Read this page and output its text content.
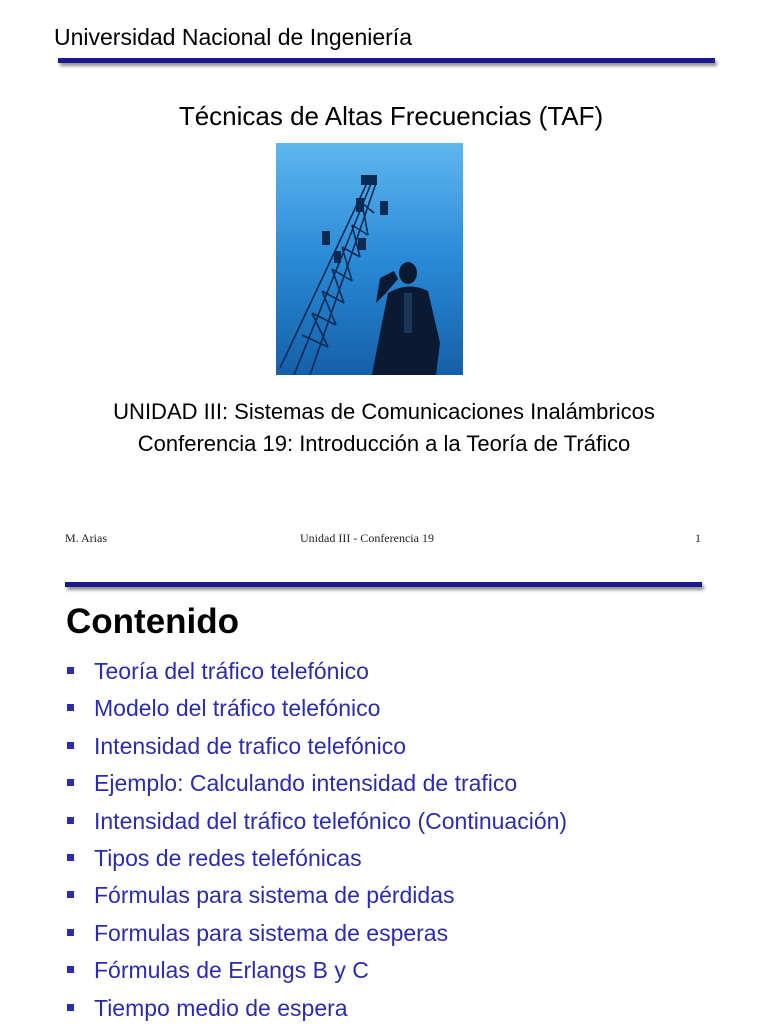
Universidad Nacional de Ingeniería
Técnicas de Altas Frecuencias (TAF)
UNIDAD III: Sistemas de Comunicaciones Inalámbricos
Conferencia 19: Introducción a la Teoría de Tráfico
M. Arias	Unidad III - Conferencia 19	1
Contenido
Teoría del tráfico telefónico
Modelo del tráfico telefónico
Intensidad de trafico telefónico
Ejemplo: Calculando intensidad de trafico
Intensidad del tráfico telefónico (Continuación)
Tipos de redes telefónicas
Fórmulas para sistema de pérdidas
Formulas para sistema de esperas
Fórmulas de Erlangs B y C
Tiempo medio de espera
